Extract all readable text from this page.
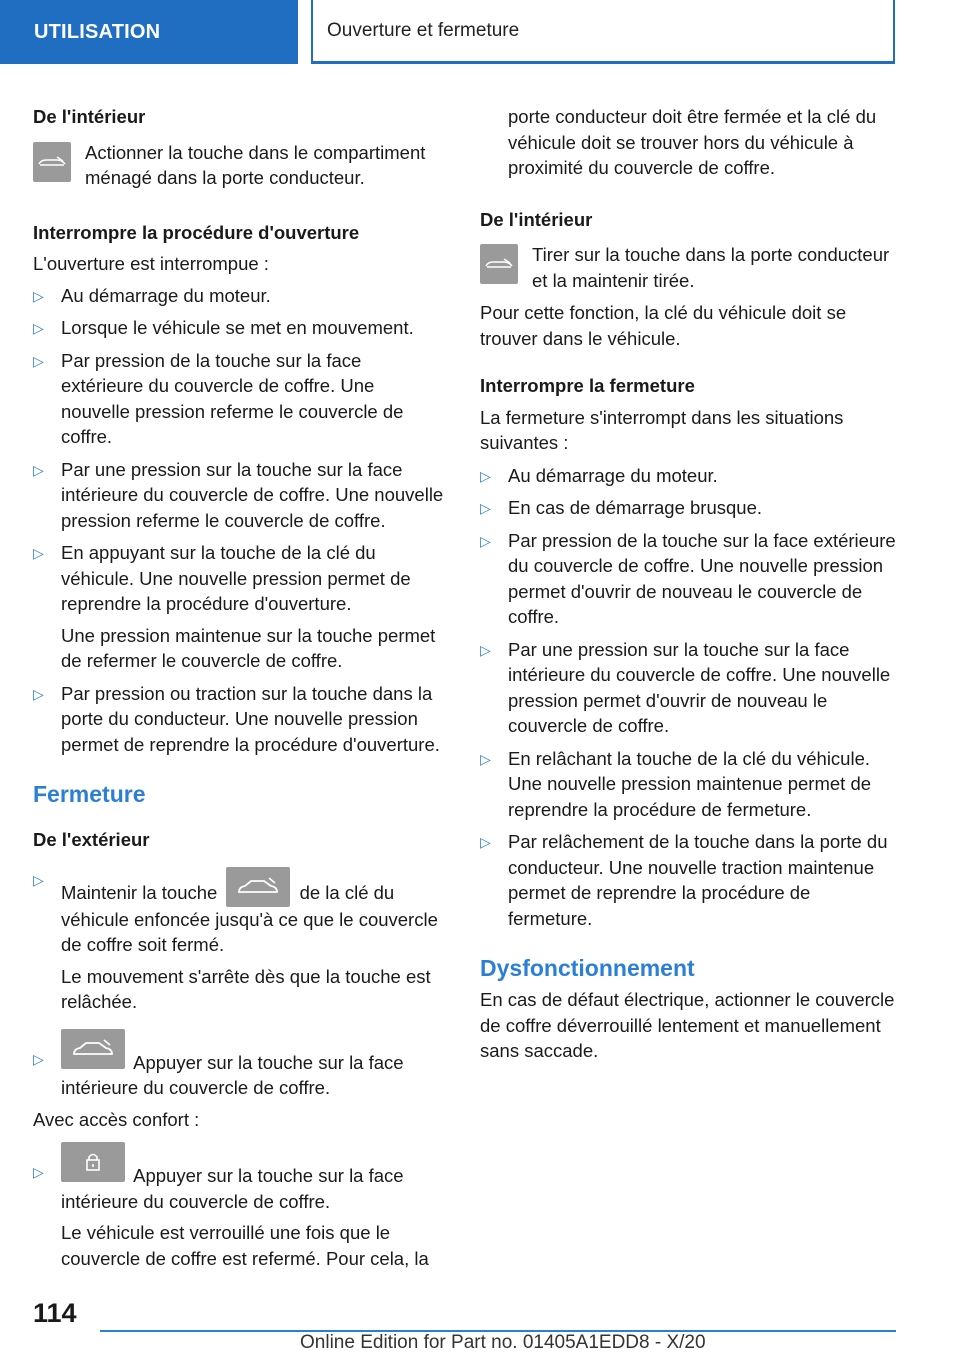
UTILISATION	Ouverture et fermeture

De l'intérieur

Actionner la touche dans le compartiment ménagé dans la porte conducteur.

Interrompre la procédure d'ouverture

L'ouverture est interrompue :

▷ Au démarrage du moteur.
▷ Lorsque le véhicule se met en mouvement.
▷ Par pression de la touche sur la face extérieure du couvercle de coffre. Une nouvelle pression referme le couvercle de coffre.
▷ Par une pression sur la touche sur la face intérieure du couvercle de coffre. Une nouvelle pression referme le couvercle de coffre.
▷ En appuyant sur la touche de la clé du véhicule. Une nouvelle pression permet de reprendre la procédure d'ouverture.

Une pression maintenue sur la touche permet de refermer le couvercle de coffre.

▷ Par pression ou traction sur la touche dans la porte du conducteur. Une nouvelle pression permet de reprendre la procédure d'ouverture.

Fermeture

De l'extérieur

▷
Maintenir la touche	de la clé du véhicule enfoncée jusqu'à ce que le couvercle de coffre soit fermé.

Le mouvement s'arrête dès que la touche est relâchée.

▷	Appuyer sur la touche sur la face intérieure du couvercle de coffre.

Avec accès confort :

▷	Appuyer sur la touche sur la face intérieure du couvercle de coffre.

Le véhicule est verrouillé une fois que le couvercle de coffre est refermé. Pour cela, la

porte conducteur doit être fermée et la clé du véhicule doit se trouver hors du véhicule à proximité du couvercle de coffre.

De l'intérieur

Tirer sur la touche dans la porte conducteur et la maintenir tirée.

Pour cette fonction, la clé du véhicule doit se trouver dans le véhicule.

Interrompre la fermeture

La fermeture s'interrompt dans les situations suivantes :

▷ Au démarrage du moteur.
▷ En cas de démarrage brusque.
▷ Par pression de la touche sur la face extérieure du couvercle de coffre. Une nouvelle pression permet d'ouvrir de nouveau le couvercle de coffre.
▷ Par une pression sur la touche sur la face intérieure du couvercle de coffre. Une nouvelle pression permet d'ouvrir de nouveau le couvercle de coffre.
▷ En relâchant la touche de la clé du véhicule. Une nouvelle pression maintenue permet de reprendre la procédure de fermeture.
▷ Par relâchement de la touche dans la porte du conducteur. Une nouvelle traction maintenue permet de reprendre la procédure de fermeture.

Dysfonctionnement

En cas de défaut électrique, actionner le couvercle de coffre déverrouillé lentement et manuellement sans saccade.

114
Online Edition for Part no. 01405A1EDD8 - X/20
